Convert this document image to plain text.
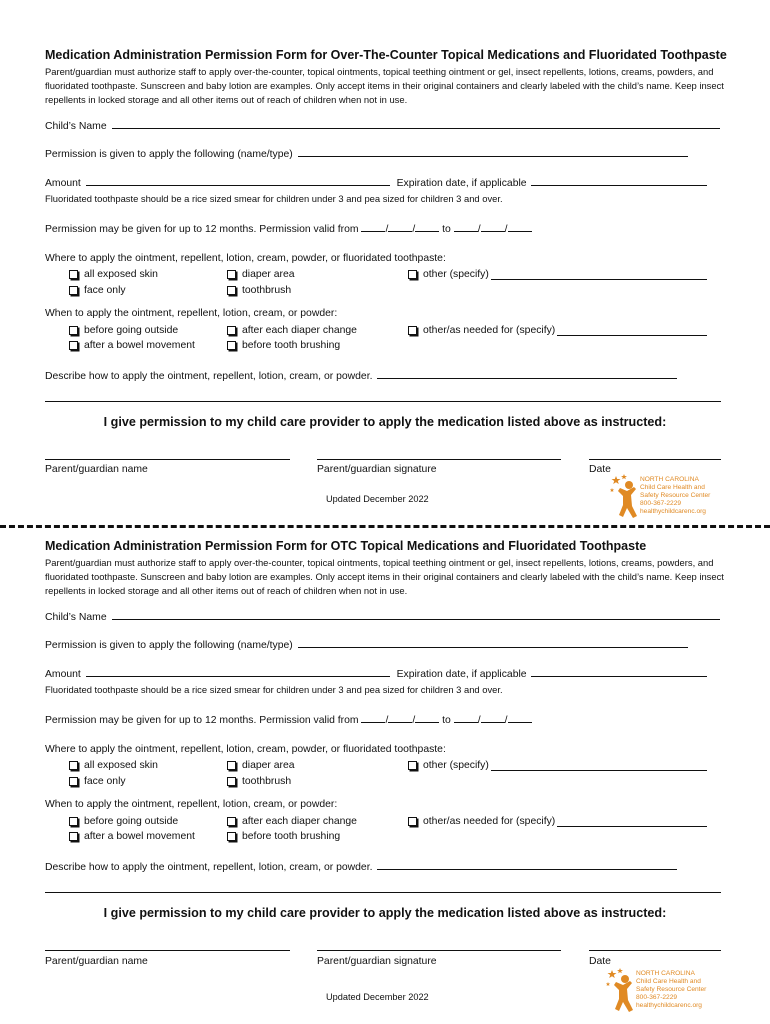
Medication Administration Permission Form for Over-The-Counter Topical Medications and Fluoridated Toothpaste
Parent/guardian must authorize staff to apply over-the-counter, topical ointments, topical teething ointment or gel, insect repellents, lotions, creams, powders, and fluoridated toothpaste. Sunscreen and baby lotion are examples. Only accept items in their original containers and clearly labeled with the child’s name. Keep insect repellents in locked storage and all other items out of reach of children when not in use.
Child’s Name
Permission is given to apply the following (name/type)
Amount	Expiration date, if applicable
Fluoridated toothpaste should be a rice sized smear for children under 3 and pea sized for children 3 and over.
Permission may be given for up to 12 months. Permission valid from	/ /	to	/ /
Where to apply the ointment, repellent, lotion, cream, powder, or fluoridated toothpaste:
all exposed skin
face only
diaper area
toothbrush
other (specify)
When to apply the ointment, repellent, lotion, cream, or powder:
before going outside
after a bowel movement
after each diaper change
before tooth brushing
other/as needed for (specify)
Describe how to apply the ointment, repellent, lotion, cream, or powder.
I give permission to my child care provider to apply the medication listed above as instructed:
Parent/guardian name	Parent/guardian signature	Date
Updated December 2022
NORTH CAROLINA
Child Care Health and
Safety Resource Center
800-367-2229
healthychildcarenc.org
Medication Administration Permission Form for OTC Topical Medications and Fluoridated Toothpaste
Parent/guardian must authorize staff to apply over-the-counter, topical ointments, topical teething ointment or gel, insect repellents, lotions, creams, powders, and fluoridated toothpaste. Sunscreen and baby lotion are examples. Only accept items in their original containers and clearly labeled with the child’s name. Keep insect repellents in locked storage and all other items out of reach of children when not in use.
Child’s Name
Permission is given to apply the following (name/type)
Amount	Expiration date, if applicable
Fluoridated toothpaste should be a rice sized smear for children under 3 and pea sized for children 3 and over.
Permission may be given for up to 12 months. Permission valid from	/ /	to	/ /
Where to apply the ointment, repellent, lotion, cream, powder, or fluoridated toothpaste:
all exposed skin
face only
diaper area
toothbrush
other (specify)
When to apply the ointment, repellent, lotion, cream, or powder:
before going outside
after a bowel movement
after each diaper change
before tooth brushing
other/as needed for (specify)
Describe how to apply the ointment, repellent, lotion, cream, or powder.
I give permission to my child care provider to apply the medication listed above as instructed:
Parent/guardian name	Parent/guardian signature	Date
Updated December 2022
NORTH CAROLINA
Child Care Health and
Safety Resource Center
800-367-2229
healthychildcarenc.org
